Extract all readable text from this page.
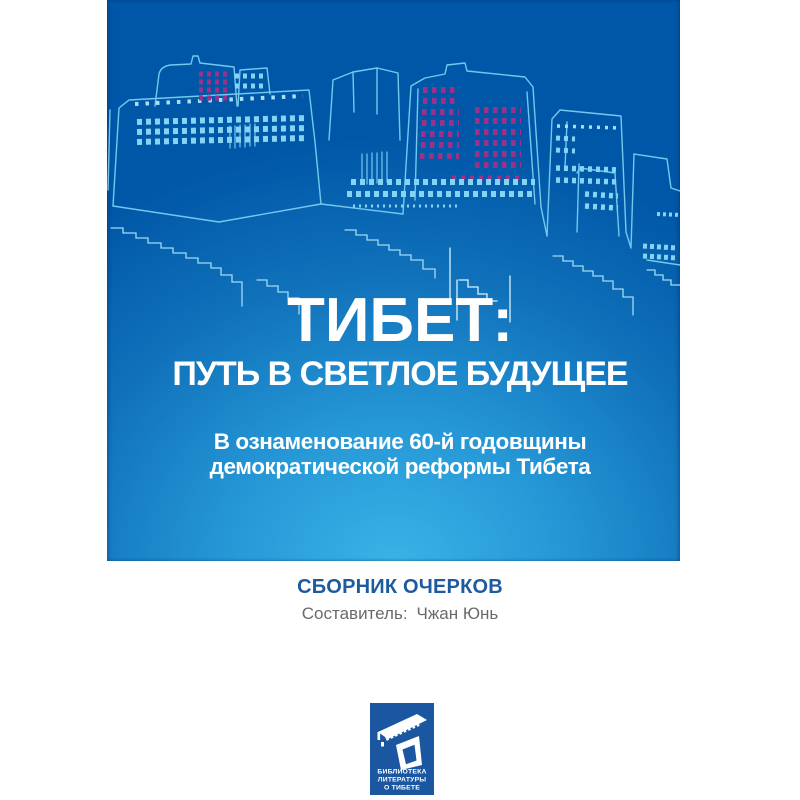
ТИБЕТ:
ПУТЬ В СВЕТЛОЕ БУДУЩЕЕ
В ознаменование 60-й годовщины
демократической реформы Тибета
СБОРНИК ОЧЕРКОВ
Составитель: Чжан Юнь
БИБЛИОТЕКА
ЛИТЕРАТУРЫ
О ТИБЕТЕ
